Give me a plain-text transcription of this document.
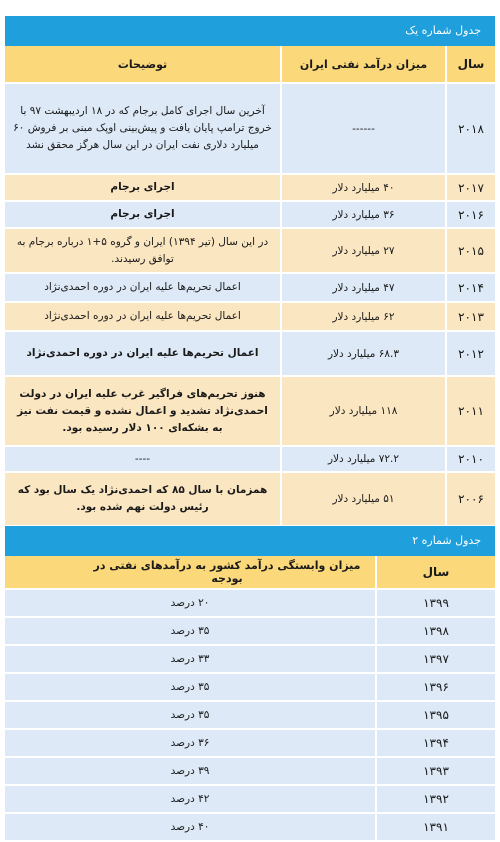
جدول شماره یک
سال
میزان درآمد نفتی ایران
توضیحات
۲۰۱۸
------
آخرین سال اجرای کامل برجام که در ۱۸ اردیبهشت ۹۷ با خروج ترامپ پایان یافت و پیش‌بینی اوپک مبنی بر فروش ۶۰ میلیارد دلاری نفت ایران در این سال هرگز محقق نشد
۲۰۱۷
۴۰ میلیارد دلار
اجرای برجام
۲۰۱۶
۳۶ میلیارد دلار
اجرای برجام
۲۰۱۵
۲۷ میلیارد دلار
در این سال (تیر ۱۳۹۴) ایران و گروه ۵+۱ درباره برجام به توافق رسیدند.
۲۰۱۴
۴۷ میلیارد دلار
اعمال تحریم‌ها علیه ایران در دوره احمدی‌نژاد
۲۰۱۳
۶۲ میلیارد دلار
اعمال تحریم‌ها علیه ایران در دوره احمدی‌نژاد
۲۰۱۲
۶۸.۳ میلیارد دلار
اعمال تحریم‌ها علیه ایران در دوره احمدی‌نژاد
۲۰۱۱
۱۱۸ میلیارد دلار
هنوز تحریم‌های فراگیر غرب علیه ایران در دولت احمدی‌نژاد تشدید و اعمال نشده و قیمت نفت نیز به بشکه‌ای ۱۰۰ دلار رسیده بود.
۲۰۱۰
۷۲.۲ میلیارد دلار
----
۲۰۰۶
۵۱ میلیارد دلار
همزمان با سال ۸۵ که احمدی‌نژاد یک سال بود که رئیس دولت نهم شده بود.
جدول شماره ۲
سال
میزان وابستگی درآمد کشور به درآمدهای نفتی در بودجه
۱۳۹۹
۲۰ درصد
۱۳۹۸
۳۵ درصد
۱۳۹۷
۳۳ درصد
۱۳۹۶
۳۵ درصد
۱۳۹۵
۳۵ درصد
۱۳۹۴
۳۶ درصد
۱۳۹۳
۳۹ درصد
۱۳۹۲
۴۲ درصد
۱۳۹۱
۴۰ درصد
